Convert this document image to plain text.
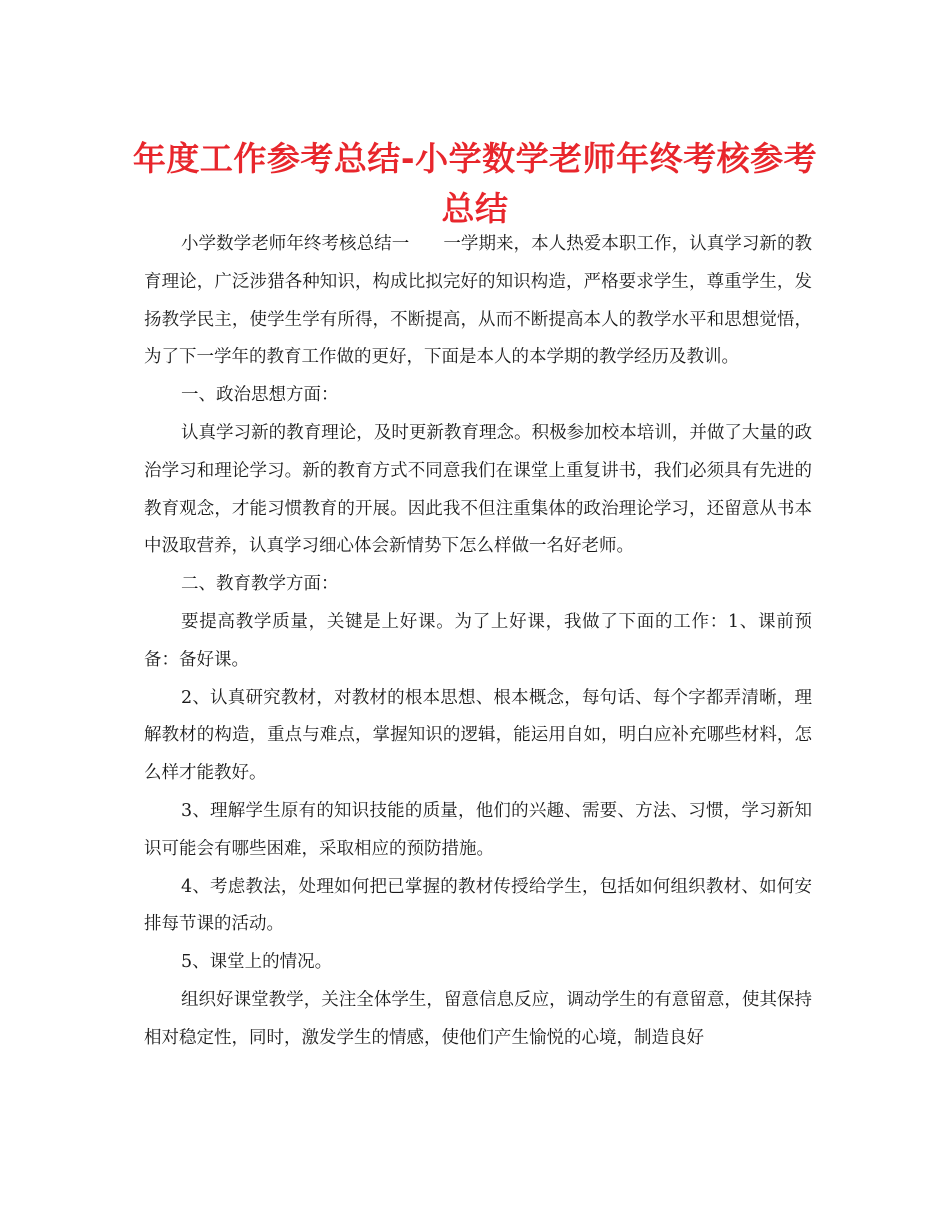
年度工作参考总结-小学数学老师年终考核参考总结

小学数学老师年终考核总结一 一学期来，本人热爱本职工作，认真学习新的教育理论，广泛涉猎各种知识，构成比拟完好的知识构造，严格要求学生，尊重学生，发扬教学民主，使学生学有所得，不断提高，从而不断提高本人的教学水平和思想觉悟，为了下一学年的教育工作做的更好，下面是本人的本学期的教学经历及教训。

一、政治思想方面：

认真学习新的教育理论，及时更新教育理念。积极参加校本培训，并做了大量的政治学习和理论学习。新的教育方式不同意我们在课堂上重复讲书，我们必须具有先进的教育观念，才能习惯教育的开展。因此我不但注重集体的政治理论学习，还留意从书本中汲取营养，认真学习细心体会新情势下怎么样做一名好老师。

二、教育教学方面：

要提高教学质量，关键是上好课。为了上好课，我做了下面的工作：1、课前预备：备好课。

2、认真研究教材，对教材的根本思想、根本概念，每句话、每个字都弄清晰，理解教材的构造，重点与难点，掌握知识的逻辑，能运用自如，明白应补充哪些材料，怎么样才能教好。

3、理解学生原有的知识技能的质量，他们的兴趣、需要、方法、习惯，学习新知识可能会有哪些困难，采取相应的预防措施。

4、考虑教法，处理如何把已掌握的教材传授给学生，包括如何组织教材、如何安排每节课的活动。

5、课堂上的情况。

组织好课堂教学，关注全体学生，留意信息反应，调动学生的有意留意，使其保持相对稳定性，同时，激发学生的情感，使他们产生愉悦的心境，制造良好
